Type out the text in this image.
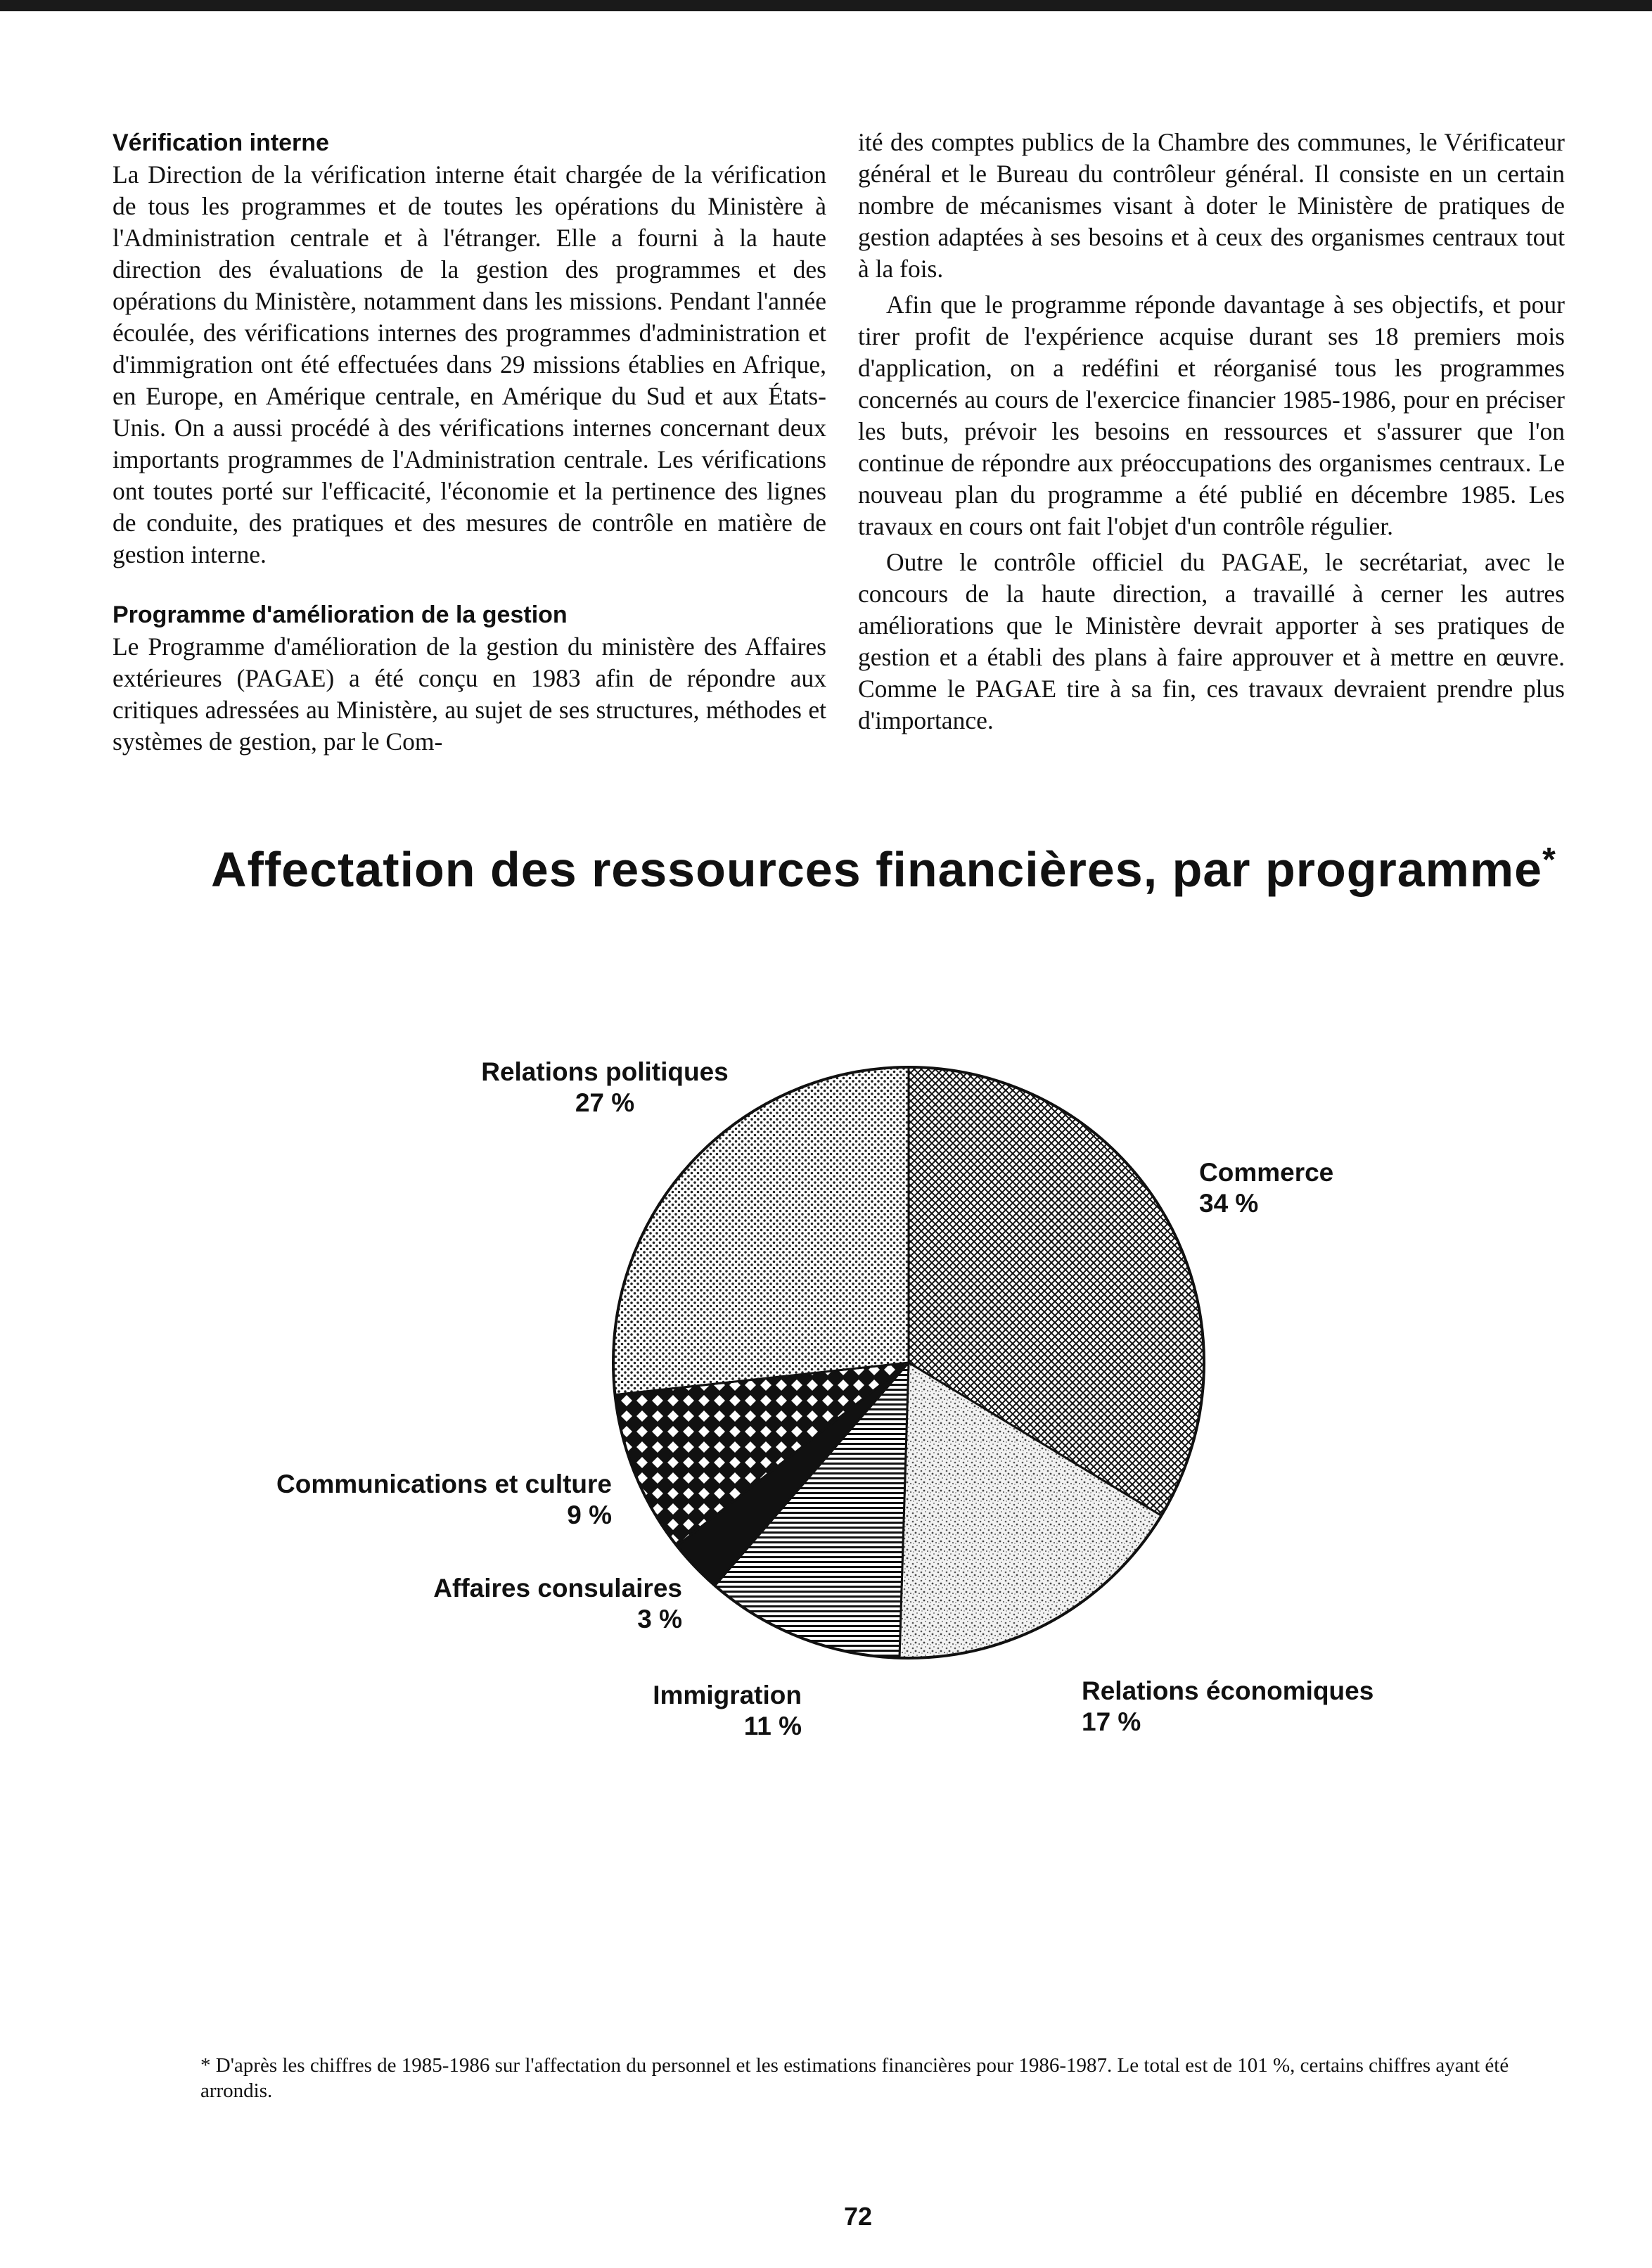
Vérification interne

La Direction de la vérification interne était chargée de la vérification de tous les programmes et de toutes les opérations du Ministère à l'Administration centrale et à l'étranger. Elle a fourni à la haute direction des évaluations de la gestion des programmes et des opérations du Ministère, notamment dans les missions. Pendant l'année écoulée, des vérifications internes des programmes d'administration et d'immigration ont été effectuées dans 29 missions établies en Afrique, en Europe, en Amérique centrale, en Amérique du Sud et aux États-Unis. On a aussi procédé à des vérifications internes concernant deux importants programmes de l'Administration centrale. Les vérifications ont toutes porté sur l'efficacité, l'économie et la pertinence des lignes de conduite, des pratiques et des mesures de contrôle en matière de gestion interne.

Programme d'amélioration de la gestion

Le Programme d'amélioration de la gestion du ministère des Affaires extérieures (PAGAE) a été conçu en 1983 afin de répondre aux critiques adressées au Ministère, au sujet de ses structures, méthodes et systèmes de gestion, par le Com-

ité des comptes publics de la Chambre des communes, le Vérificateur général et le Bureau du contrôleur général. Il consiste en un certain nombre de mécanismes visant à doter le Ministère de pratiques de gestion adaptées à ses besoins et à ceux des organismes centraux tout à la fois.

Afin que le programme réponde davantage à ses objectifs, et pour tirer profit de l'expérience acquise durant ses 18 premiers mois d'application, on a redéfini et réorganisé tous les programmes concernés au cours de l'exercice financier 1985-1986, pour en préciser les buts, prévoir les besoins en ressources et s'assurer que l'on continue de répondre aux préoccupations des organismes centraux. Le nouveau plan du programme a été publié en décembre 1985. Les travaux en cours ont fait l'objet d'un contrôle régulier.

Outre le contrôle officiel du PAGAE, le secrétariat, avec le concours de la haute direction, a travaillé à cerner les autres améliorations que le Ministère devrait apporter à ses pratiques de gestion et a établi des plans à faire approuver et à mettre en œuvre. Comme le PAGAE tire à sa fin, ces travaux devraient prendre plus d'importance.

Affectation des ressources financières, par programme*
Relations politiques
27 %
Commerce
34 %
Communications et culture
9 %
Affaires consulaires
3 %
Immigration
11 %
Relations économiques
17 %
* D'après les chiffres de 1985-1986 sur l'affectation du personnel et les estimations financières pour 1986-1987. Le total est de 101 %, certains chiffres ayant été arrondis.
72
